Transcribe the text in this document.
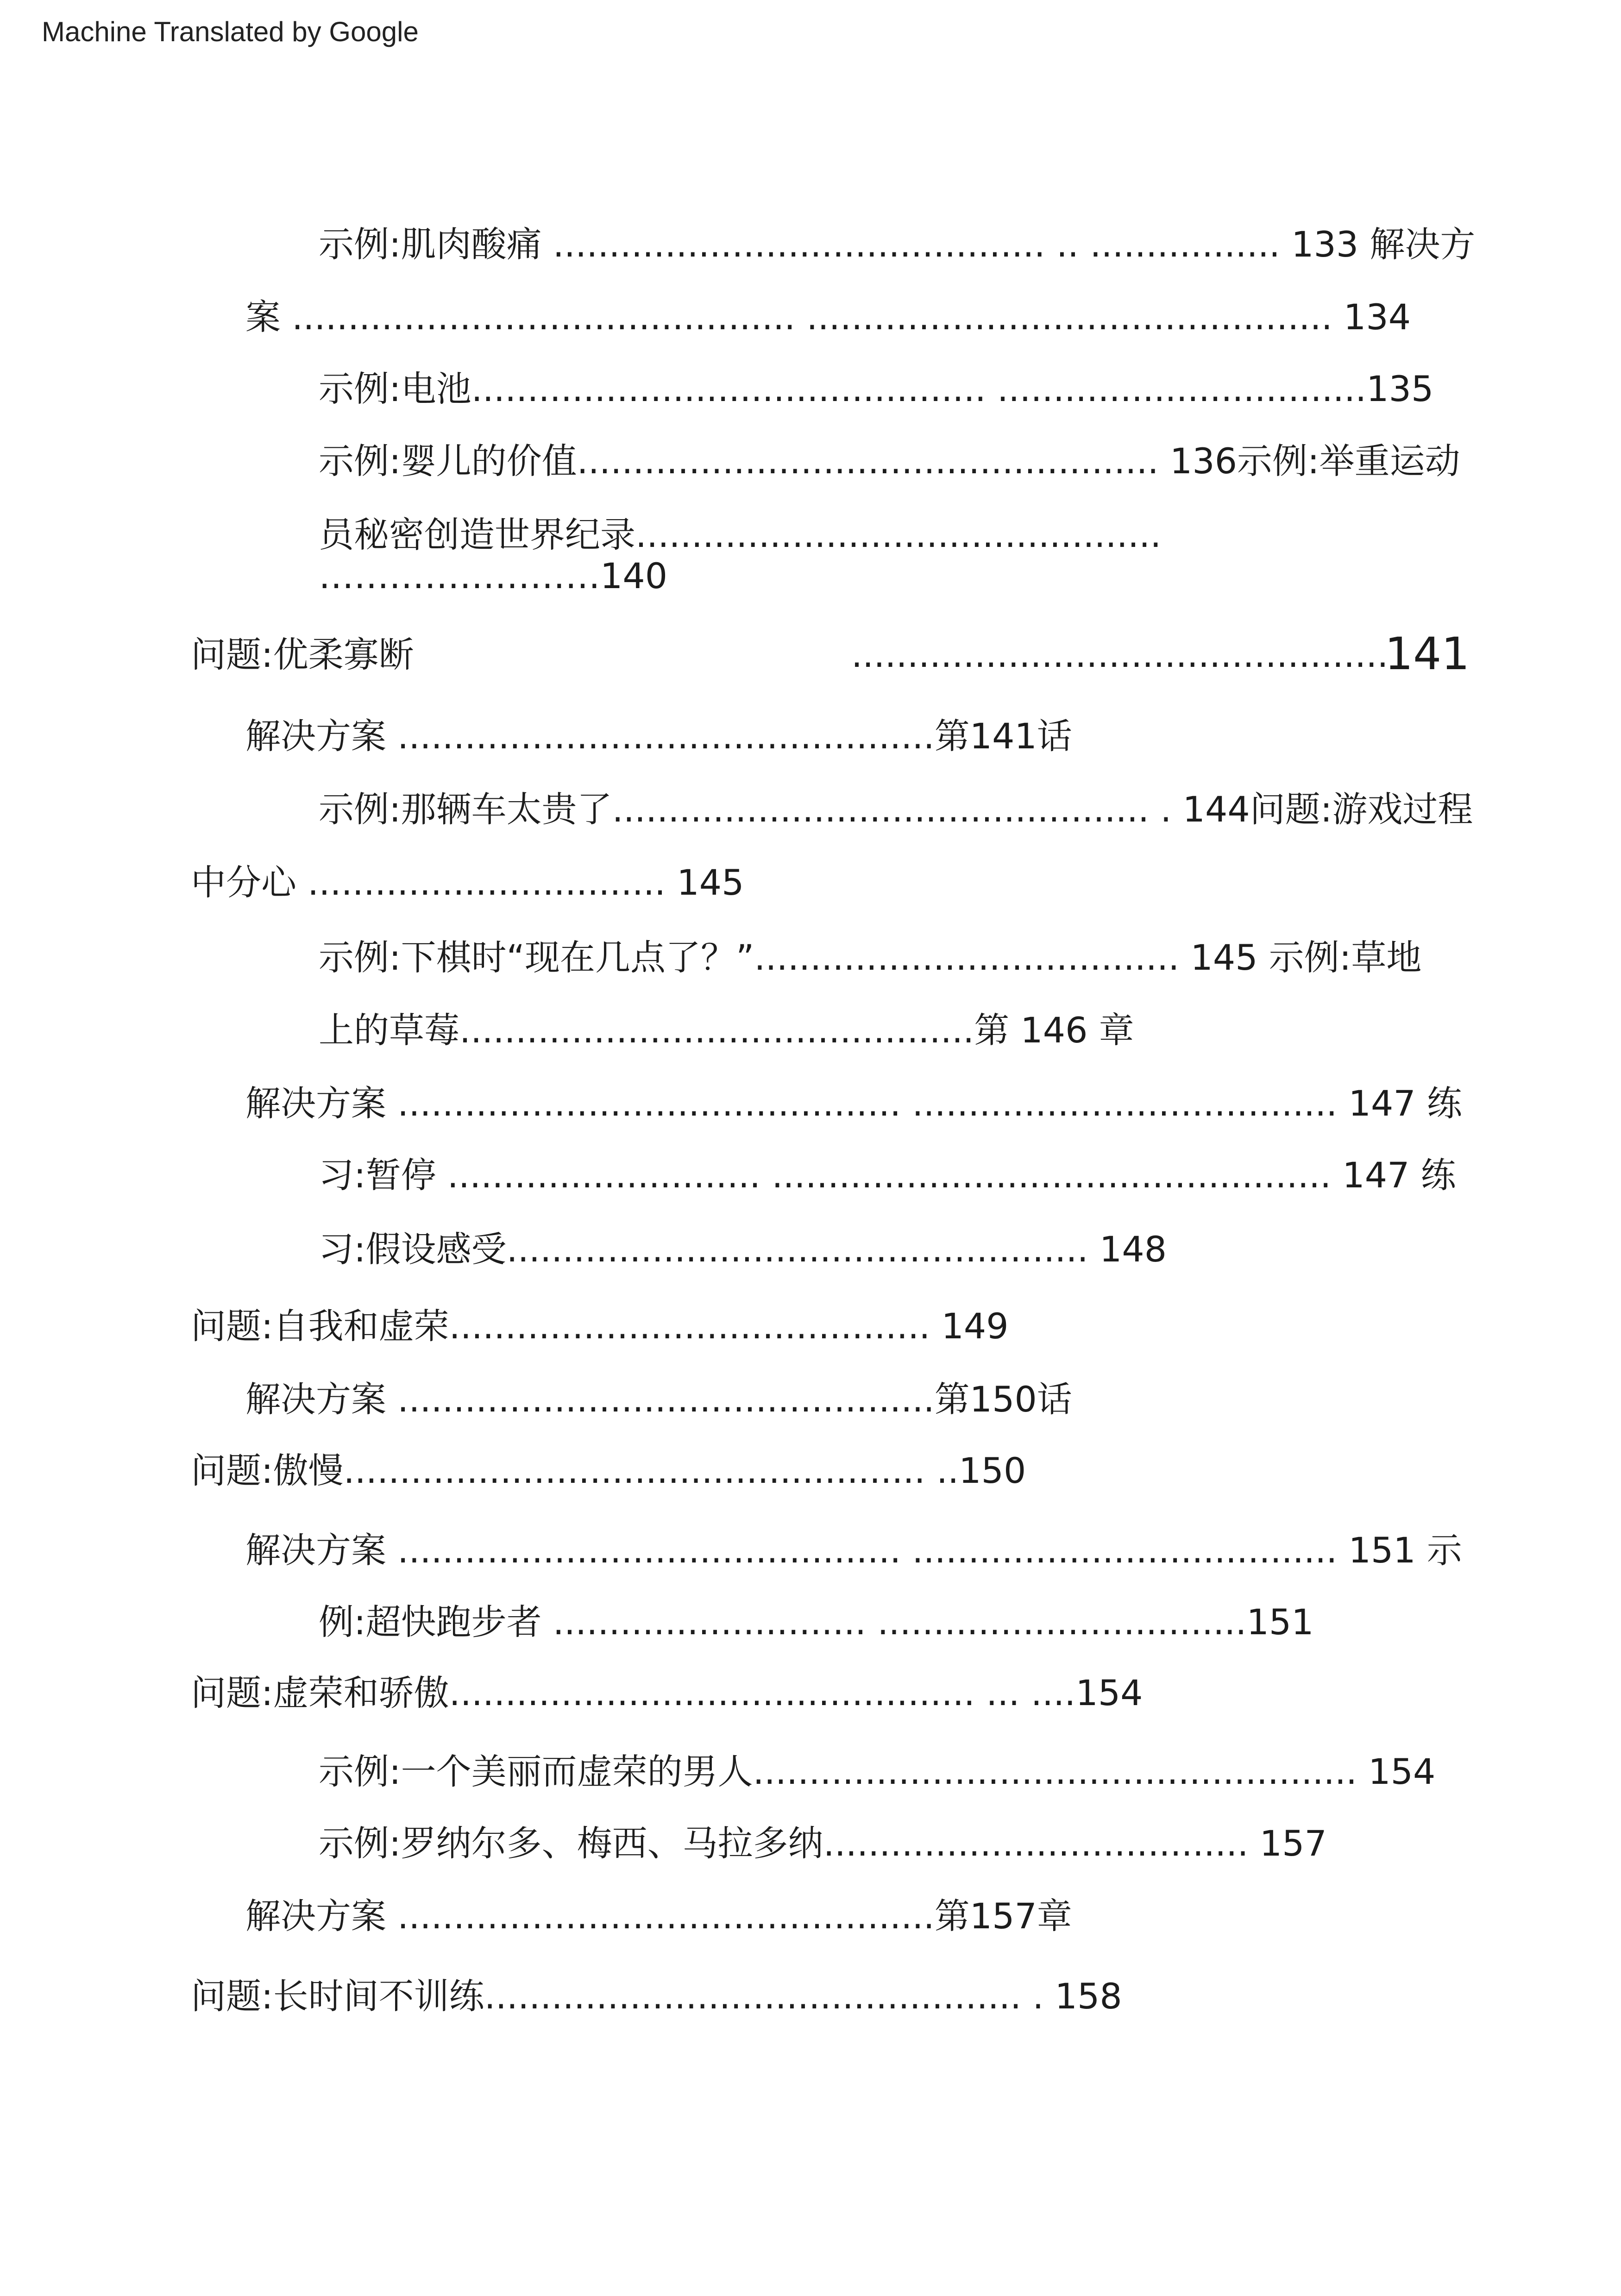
Machine Translated by Google
示例:肌肉酸痛 ............................................ .. ................. 133 解决方
案 ............................................. ............................................... 134
示例:电池.............................................. .................................135
示例:婴儿的价值.................................................... 136示例:举重运动
员秘密创造世界纪录...............................................
……………………140
问题:优柔寡断	................................................
141
解决方案 ................................................第141话
示例:那辆车太贵了................................................ . 144问题:游戏过程
中分心 ................................ 145
示例:下棋时“现在几点了？”...................................... 145 示例:草地
上的草莓..............................................第 146 章
解决方案 ............................................. ...................................... 147 练
习:暂停 ............................ .................................................. 147 练
习:假设感受.................................................... 148
问题:自我和虚荣........................................... 149
解决方案 ................................................第150话
问题:傲慢.................................................... ..150
解决方案 ............................................. ...................................... 151 示
例:超快跑步者 ............................ .................................151
问题:虚荣和骄傲............................................... ... ....154
示例:一个美丽而虚荣的男人...................................................... 154
示例:罗纳尔多、梅西、马拉多纳...................................... 157
解决方案 ................................................第157章
问题:长时间不训练................................................ . 158
